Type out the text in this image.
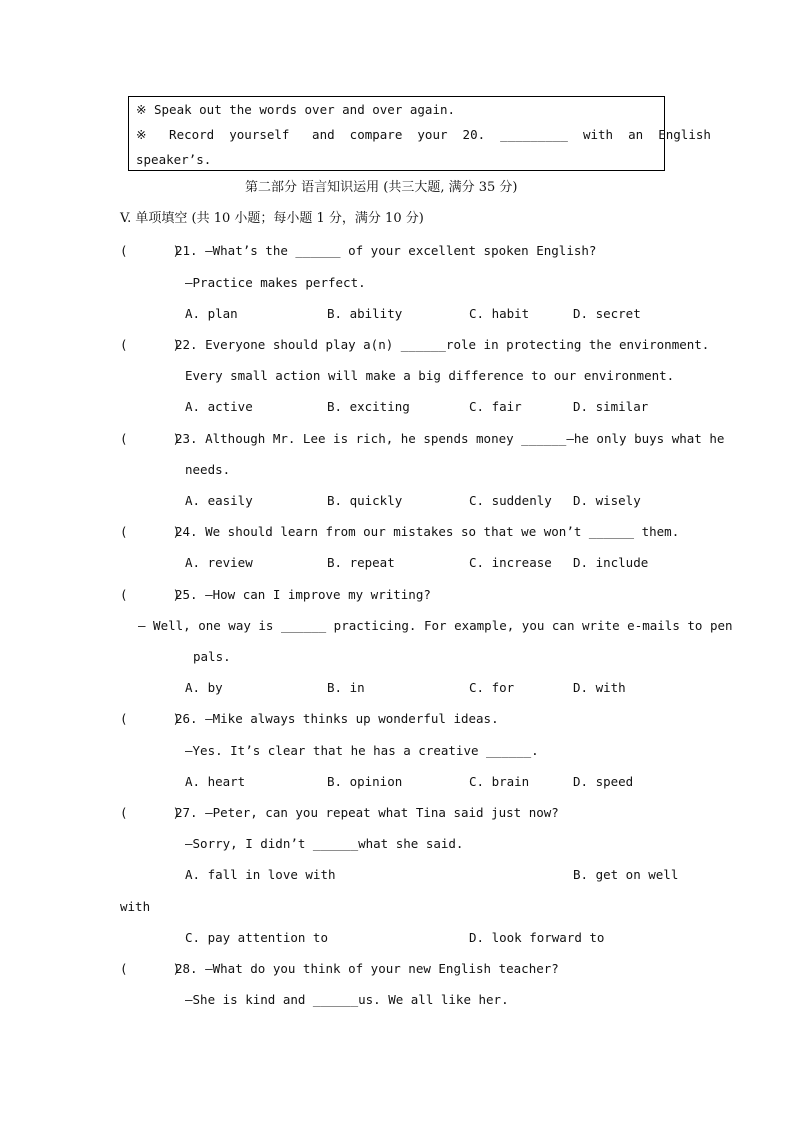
※ Speak out the words over and over again.
※   Record  yourself   and  compare  your  20.  _________  with  an  English
speaker’s.
第二部分 语言知识运用 (共三大题, 满分 35 分)
V. 单项填空 (共 10 小题；每小题 1 分，满分 10 分)
(      )
21. —What’s the ______ of your excellent spoken English?
—Practice makes perfect.
A. plan	B. ability	C. habit	D. secret
(      )
22. Everyone should play a(n) ______role in protecting the environment.
Every small action will make a big difference to our environment.
A. active	B. exciting	C. fair	D. similar
(      )
23. Although Mr. Lee is rich, he spends money ______—he only buys what he
needs.
A. easily	B. quickly	C. suddenly D. wisely
(      )
24. We should learn from our mistakes so that we won’t ______ them.
A. review	B. repeat	C. increase D. include
(      )
25. —How can I improve my writing?
— Well, one way is ______ practicing. For example, you can write e-mails to pen
pals.
A. by	B. in	C. for	D. with
(      )
26. —Mike always thinks up wonderful ideas.
—Yes. It’s clear that he has a creative ______.
A. heart	B. opinion	C. brain	D. speed
(      )
27. —Peter, can you repeat what Tina said just now?
—Sorry, I didn’t ______what she said.
A. fall in love with	B. get on well
with
C. pay attention to	D. look forward to
(      )
28. —What do you think of your new English teacher?
—She is kind and ______us. We all like her.
